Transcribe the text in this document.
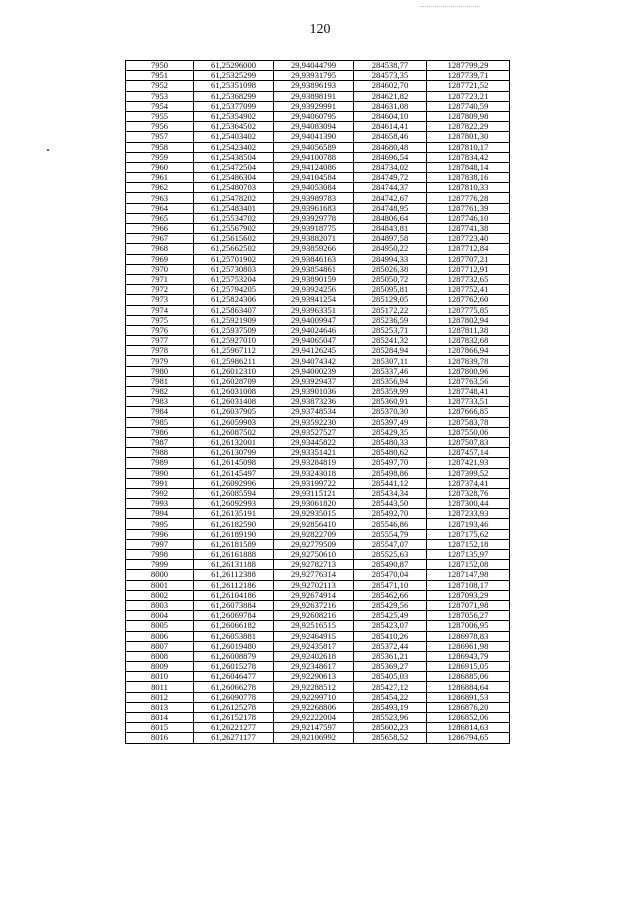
120
7950	61,25296000	29,94044799	284538,77	1287799,29
7951	61,25325299	29,93931795	284573,35	1287739,71
7952	61,25351098	29,93896193	284602,70	1287721,52
7953	61,25368299	29,93898191	284621,82	1287723,21
7954	61,25377099	29,93929991	284631,08	1287740,59
7955	61,25354902	29,94060795	284604,10	1287809,98
7956	61,25364502	29,94083094	284614,41	1287822,29
7957	61,25403402	29,94041390	284658,46	1287801,30
7958	61,25423402	29,94056589	284680,48	1287810,17
7959	61,25438504	29,94100788	284696,54	1287834,42
7960	61,25472504	29,94124086	284734,02	1287848,14
7961	61,25486304	29,94104584	284749,72	1287838,16
7962	61,25480703	29,94053084	284744,37	1287810,33
7963	61,25478202	29,93989783	284742,67	1287776,28
7964	61,25483401	29,93961683	284748,95	1287761,39
7965	61,25534702	29,93929778	284806,64	1287746,10
7966	61,25567902	29,93918775	284843,81	1287741,38
7967	61,25615602	29,93882071	284897,58	1287723,40
7968	61,25662502	29,93859266	284950,22	1287712,84
7969	61,25701902	29,93846163	284994,33	1287707,21
7970	61,25730803	29,93854861	285026,38	1287712,91
7971	61,25753204	29,93890159	285050,72	1287732,65
7972	61,25794205	29,93924256	285095,81	1287752,41
7973	61,25824306	29,93941254	285129,05	1287762,60
7974	61,25863407	29,93963351	285172,22	1287775,85
7975	61,25921909	29,94009947	285236,59	1287802,94
7976	61,25937509	29,94024646	285253,71	1287811,38
7977	61,25927010	29,94065047	285241,32	1287832,68
7978	61,25967112	29,94126245	285284,94	1287866,94
7979	61,25986211	29,94074342	285307,11	1287839,78
7980	61,26012310	29,94000239	285337,46	1287800,96
7981	61,26028709	29,93929437	285356,94	1287763,56
7982	61,26031008	29,93901036	285359,99	1287748,41
7983	61,26031408	29,93873236	285360,91	1287733,51
7984	61,26037905	29,93748534	285370,30	1287666,85
7985	61,26059903	29,93592230	285397,49	1287583,78
7986	61,26087502	29,93527527	285429,35	1287550,06
7987	61,26132001	29,93445822	285480,33	1287507,83
7988	61,26130799	29,93351421	285480,62	1287457,14
7989	61,26145098	29,93284819	285497,70	1287421,93
7990	61,26145497	29,93243018	285498,86	1287399,52
7991	61,26092996	29,93199722	285441,12	1287374,41
7992	61,26085594	29,93115121	285434,34	1287328,76
7993	61,26092993	29,93061820	285443,50	1287300,44
7994	61,26135191	29,92935015	285492,70	1287233,93
7995	61,26182590	29,92856410	285546,86	1287193,46
7996	61,26189190	29,92822709	285554,79	1287175,62
7997	61,26181589	29,92779509	285547,07	1287152,18
7998	61,26161888	29,92750610	285525,63	1287135,97
7999	61,26131188	29,92782713	285490,87	1287152,08
8000	61,26112388	29,92776314	285470,04	1287147,98
8001	61,26112186	29,92702113	285471,10	1287108,17
8002	61,26104186	29,92674914	285462,66	1287093,29
8003	61,26073884	29,92637216	285429,56	1287071,98
8004	61,26069784	29,92608216	285425,49	1287056,27
8005	61,26066182	29,92516515	285423,07	1287006,95
8006	61,26053881	29,92464915	285410,26	1286978,83
8007	61,26019480	29,92435817	285372,44	1286961,98
8008	61,26008879	29,92402618	285361,21	1286943,79
8009	61,26015278	29,92348617	285369,27	1286915,05
8010	61,26046477	29,92290613	285405,03	1286885,06
8011	61,26066278	29,92288512	285427,12	1286884,64
8012	61,26090778	29,92299710	285454,22	1286891,53
8013	61,26125278	29,92268806	285493,19	1286876,20
8014	61,26152178	29,92222004	285523,96	1286852,06
8015	61,26221277	29,92147597	285602,23	1286814,63
8016	61,26271177	29,92106992	285658,52	1286794,65
